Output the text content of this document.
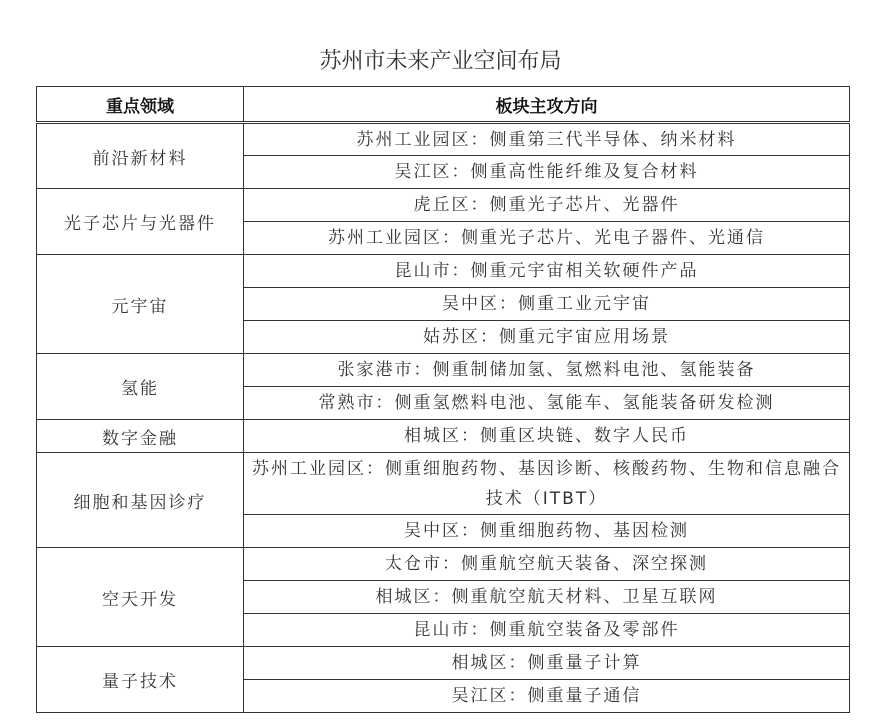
苏州市未来产业空间布局
重点领域	板块主攻方向
前沿新材料	苏州工业园区：侧重第三代半导体、纳米材料
	吴江区：侧重高性能纤维及复合材料
光子芯片与光器件	虎丘区：侧重光子芯片、光器件
	苏州工业园区：侧重光子芯片、光电子器件、光通信
元宇宙	昆山市：侧重元宇宙相关软硬件产品
	吴中区：侧重工业元宇宙
	姑苏区：侧重元宇宙应用场景
氢能	张家港市：侧重制储加氢、氢燃料电池、氢能装备
	常熟市：侧重氢燃料电池、氢能车、氢能装备研发检测
数字金融	相城区：侧重区块链、数字人民币
细胞和基因诊疗	苏州工业园区：侧重细胞药物、基因诊断、核酸药物、生物和信息融合技术（ITBT）
	吴中区：侧重细胞药物、基因检测
空天开发	太仓市：侧重航空航天装备、深空探测
	相城区：侧重航空航天材料、卫星互联网
	昆山市：侧重航空装备及零部件
量子技术	相城区：侧重量子计算
	吴江区：侧重量子通信
